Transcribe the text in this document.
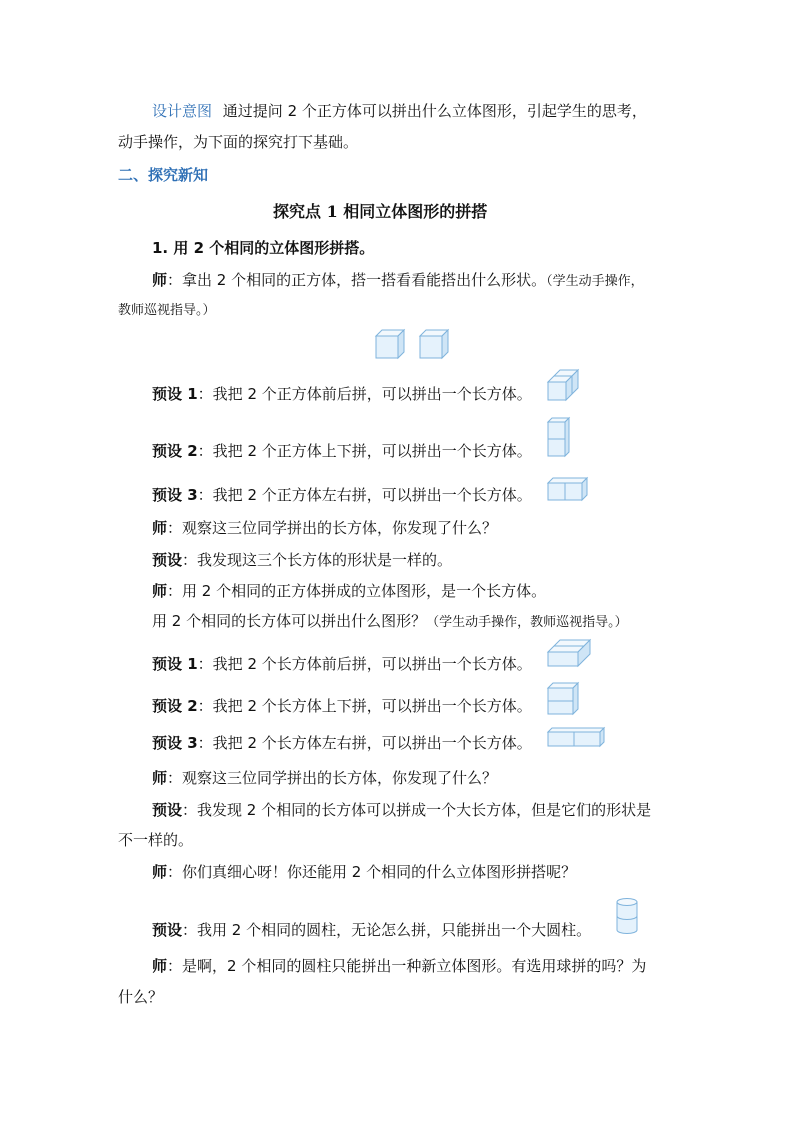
设计意图 通过提问 2 个正方体可以拼出什么立体图形，引起学生的思考，
动手操作，为下面的探究打下基础。
二、探究新知
探究点 1 相同立体图形的拼搭
1. 用 2 个相同的立体图形拼搭。
师：拿出 2 个相同的正方体，搭一搭看看能搭出什么形状。（学生动手操作，
教师巡视指导。）
预设 1：我把 2 个正方体前后拼，可以拼出一个长方体。
预设 2：我把 2 个正方体上下拼，可以拼出一个长方体。
预设 3：我把 2 个正方体左右拼，可以拼出一个长方体。
师：观察这三位同学拼出的长方体，你发现了什么？
预设：我发现这三个长方体的形状是一样的。
师：用 2 个相同的正方体拼成的立体图形，是一个长方体。
用 2 个相同的长方体可以拼出什么图形？（学生动手操作，教师巡视指导。）
预设 1：我把 2 个长方体前后拼，可以拼出一个长方体。
预设 2：我把 2 个长方体上下拼，可以拼出一个长方体。
预设 3：我把 2 个长方体左右拼，可以拼出一个长方体。
师：观察这三位同学拼出的长方体，你发现了什么？
预设：我发现 2 个相同的长方体可以拼成一个大长方体，但是它们的形状是
不一样的。
师：你们真细心呀！你还能用 2 个相同的什么立体图形拼搭呢？
预设：我用 2 个相同的圆柱，无论怎么拼，只能拼出一个大圆柱。
师：是啊，2 个相同的圆柱只能拼出一种新立体图形。有选用球拼的吗？为
什么？
